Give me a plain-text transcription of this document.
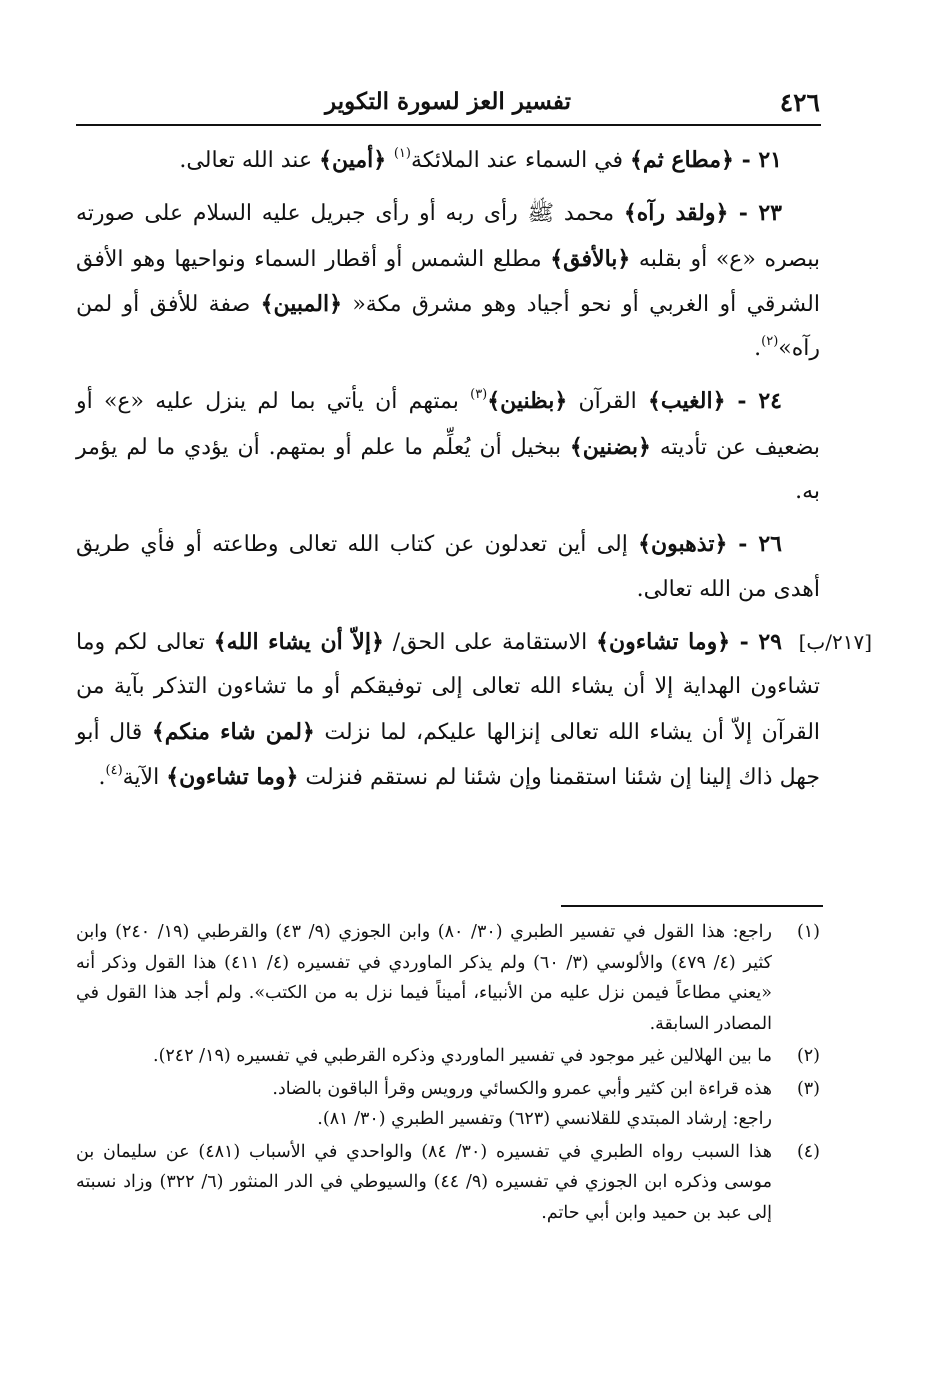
٤٢٦
تفسير العز لسورة التكوير

٢١ - ﴿مطاع ثم﴾ في السماء عند الملائكة$^{(١)}$ ﴿أمين﴾ عند الله تعالى.

٢٣ - ﴿ولقد رآه﴾ محمد ﷺ رأى ربه أو رأى جبريل عليه السلام على صورته ببصره «ع» أو بقلبه ﴿بالأفق﴾ مطلع الشمس أو أقطار السماء ونواحيها وهو الأفق الشرقي أو الغربي أو نحو أجياد وهو مشرق مكة« ﴿المبين﴾ صفة للأفق أو لمن رآه»$^{(٢)}$.

٢٤ - ﴿الغيب﴾ القرآن ﴿بظنين﴾$^{(٣)}$ بمتهم أن يأتي بما لم ينزل عليه «ع» أو بضعيف عن تأديته ﴿بضنين﴾ ببخيل أن يُعلِّم ما علم أو بمتهم. أن يؤدي ما لم يؤمر به.

٢٦ - ﴿تذهبون﴾ إلى أين تعدلون عن كتاب الله تعالى وطاعته أو فأي طريق أهدى من الله تعالى.

[٢١٧/ب]
٢٩ - ﴿وما تشاءون﴾ الاستقامة على الحق/ ﴿إلاّ أن يشاء الله﴾ تعالى لكم وما تشاءون الهداية إلا أن يشاء الله تعالى إلى توفيقكم أو ما تشاءون التذكر بآية من القرآن إلاّ أن يشاء الله تعالى إنزالها عليكم، لما نزلت ﴿لمن شاء منكم﴾ قال أبو جهل ذاك إلينا إن شئنا استقمنا وإن شئنا لم نستقم فنزلت ﴿وما تشاءون﴾ الآية$^{(٤)}$.

(١)
راجع: هذا القول في تفسير الطبري (٣٠/ ٨٠) وابن الجوزي (٩/ ٤٣) والقرطبي (١٩/ ٢٤٠) وابن كثير (٤/ ٤٧٩) والألوسي (٣/ ٦٠) ولم يذكر الماوردي في تفسيره (٤/ ٤١١) هذا القول وذكر أنه «يعني مطاعاً فيمن نزل عليه من الأنبياء، أميناً فيما نزل به من الكتب». ولم أجد هذا القول في المصادر السابقة.
(٢)
ما بين الهلالين غير موجود في تفسير الماوردي وذكره القرطبي في تفسيره (١٩/ ٢٤٢).
(٣)
هذه قراءة ابن كثير وأبي عمرو والكسائي ورويس وقرأ الباقون بالضاد.
راجع: إرشاد المبتدي للقلانسي (٦٢٣) وتفسير الطبري (٣٠/ ٨١).
(٤)
هذا السبب رواه الطبري في تفسيره (٣٠/ ٨٤) والواحدي في الأسباب (٤٨١) عن سليمان بن موسى وذكره ابن الجوزي في تفسيره (٩/ ٤٤) والسيوطي في الدر المنثور (٦/ ٣٢٢) وزاد نسبته إلى عبد بن حميد وابن أبي حاتم.
